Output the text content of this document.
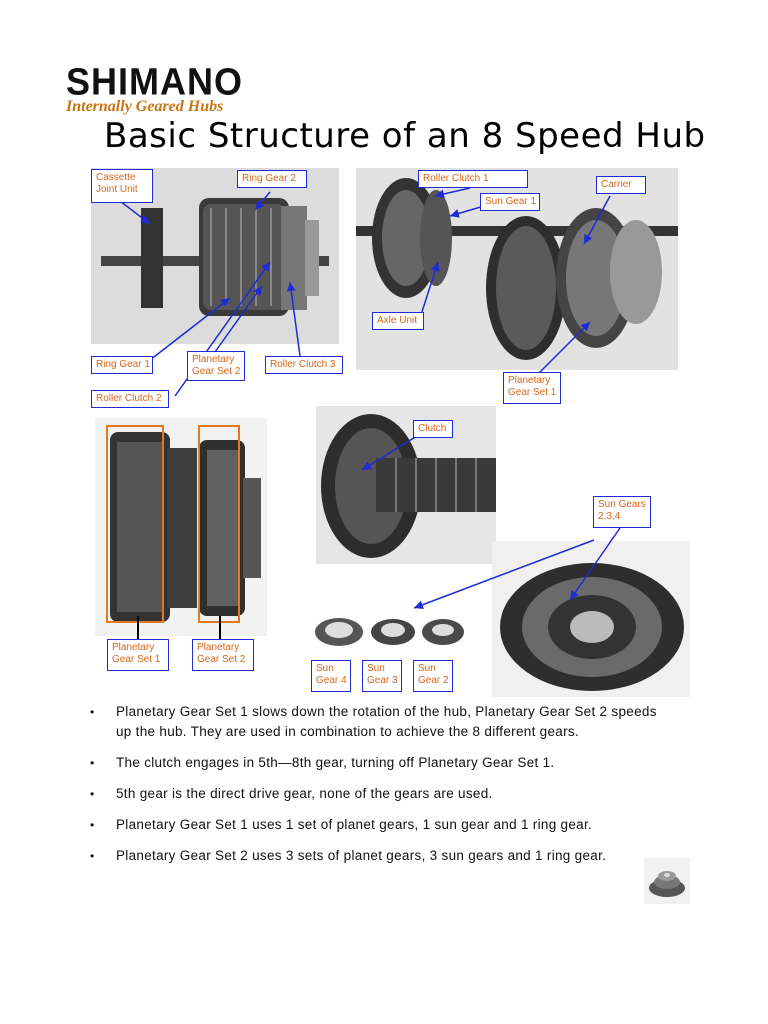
SHIMANO
Internally Geared Hubs
Basic Structure of an 8 Speed Hub
Cassette
Joint Unit
Ring Gear 2
Ring Gear 1	Planetary
Gear Set 2
Roller Clutch 3
Roller Clutch 2
Roller Clutch 1
Sun Gear 1
Carrier
Axle Unit
Planetary
Gear Set 1
Clutch
Sun Gears
2,3,4
Planetary
Gear Set 1
Planetary
Gear Set 2
Sun
Gear 4
Sun
Gear 3
Sun
Gear 2
• Planetary Gear Set 1 slows down the rotation of the hub, Planetary Gear Set 2 speeds up the hub. They are used in combination to achieve the 8 different gears.
• The clutch engages in 5th—8th gear, turning off Planetary Gear Set 1.
• 5th gear is the direct drive gear, none of the gears are used.
• Planetary Gear Set 1 uses 1 set of planet gears, 1 sun gear and 1 ring gear.
• Planetary Gear Set 2 uses 3 sets of planet gears, 3 sun gears and 1 ring gear.
